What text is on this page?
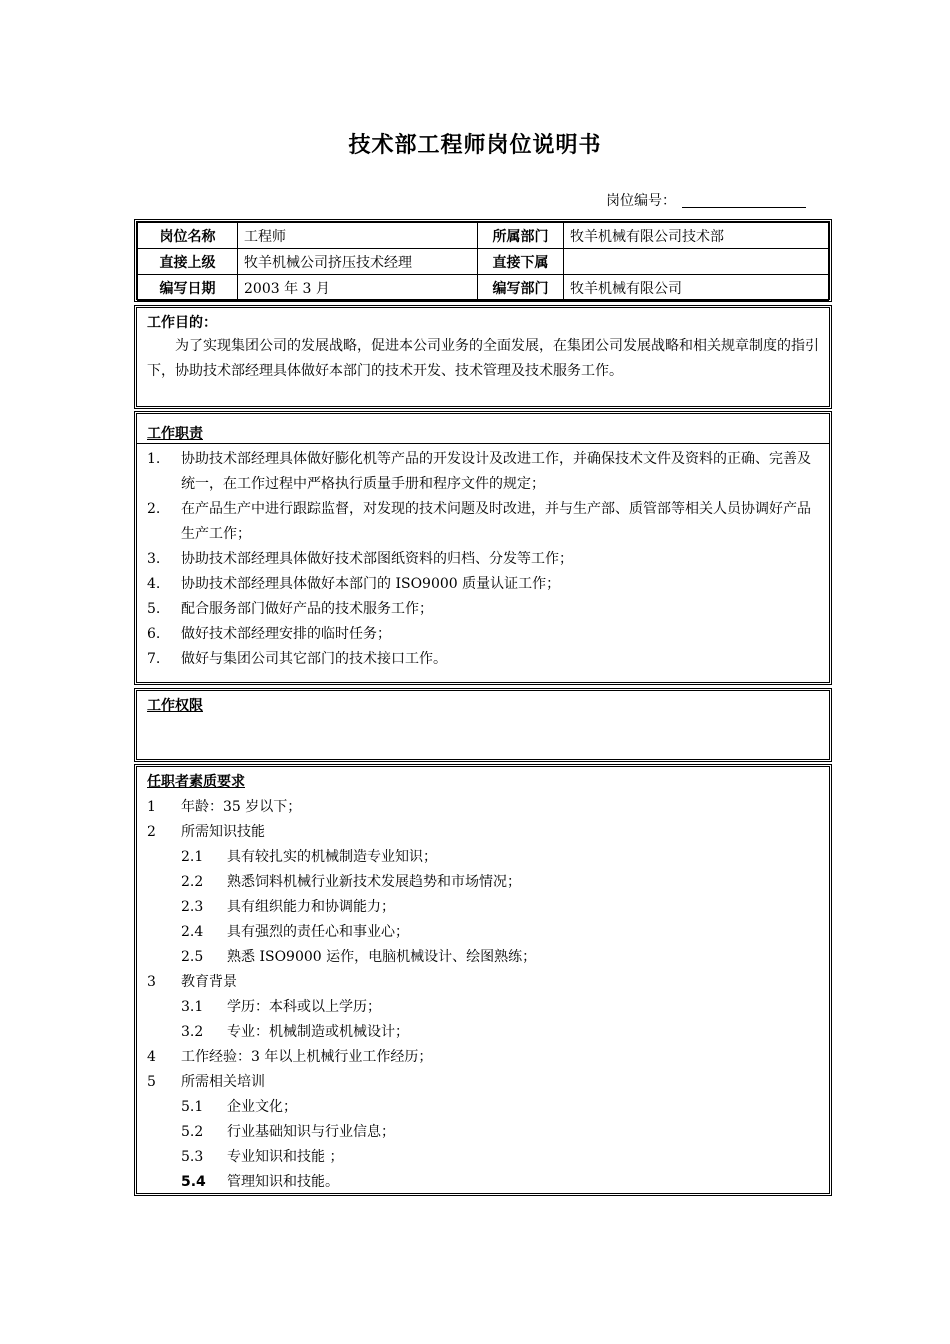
技术部工程师岗位说明书
岗位编号：
岗位名称	工程师	所属部门	牧羊机械有限公司技术部
直接上级	牧羊机械公司挤压技术经理	直接下属	
编写日期	2003 年 3 月	编写部门	牧羊机械有限公司
工作目的：
为了实现集团公司的发展战略，促进本公司业务的全面发展，在集团公司发展战略和相关规章制度的指引下，协助技术部经理具体做好本部门的技术开发、技术管理及技术服务工作。
工作职责
1. 协助技术部经理具体做好膨化机等产品的开发设计及改进工作，并确保技术文件及资料的正确、完善及统一，在工作过程中严格执行质量手册和程序文件的规定；
2. 在产品生产中进行跟踪监督，对发现的技术问题及时改进，并与生产部、质管部等相关人员协调好产品生产工作；
3. 协助技术部经理具体做好技术部图纸资料的归档、分发等工作；
4. 协助技术部经理具体做好本部门的 ISO9000 质量认证工作；
5. 配合服务部门做好产品的技术服务工作；
6. 做好技术部经理安排的临时任务；
7. 做好与集团公司其它部门的技术接口工作。
工作权限
任职者素质要求
1 年龄：35 岁以下；
2 所需知识技能
2.1 具有较扎实的机械制造专业知识；
2.2 熟悉饲料机械行业新技术发展趋势和市场情况；
2.3 具有组织能力和协调能力；
2.4 具有强烈的责任心和事业心；
2.5 熟悉 ISO9000 运作，电脑机械设计、绘图熟练；
3 教育背景
3.1 学历：本科或以上学历；
3.2 专业：机械制造或机械设计；
4 工作经验：3 年以上机械行业工作经历；
5 所需相关培训
5.1 企业文化；
5.2 行业基础知识与行业信息；
5.3 专业知识和技能 ；
5.4 管理知识和技能。
